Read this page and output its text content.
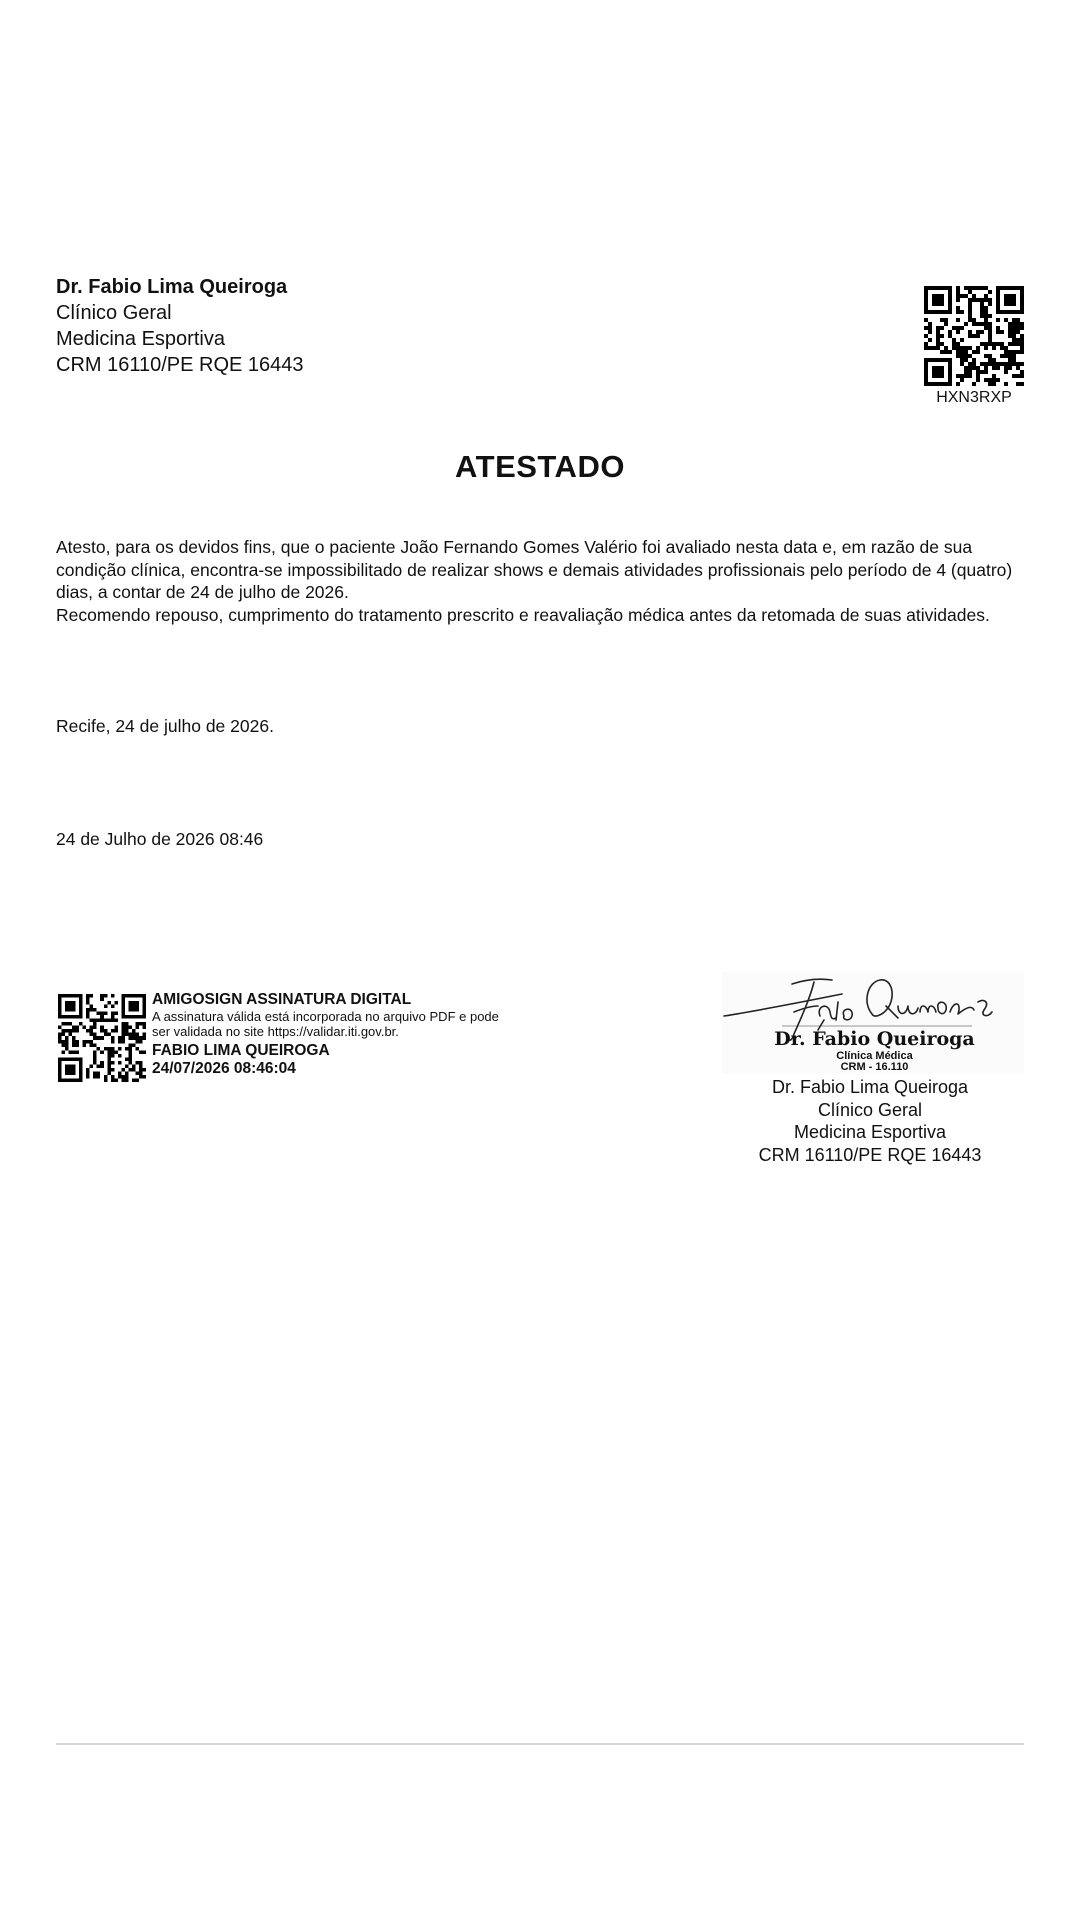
Dr. Fabio Lima Queiroga
Clínico Geral
Medicina Esportiva
CRM 16110/PE RQE 16443
HXN3RXP
ATESTADO

Atesto, para os devidos fins, que o paciente João Fernando Gomes Valério foi avaliado nesta data e, em razão de sua condição clínica, encontra-se impossibilitado de realizar shows e demais atividades profissionais pelo período de 4 (quatro) dias, a contar de 24 de julho de 2026.

Recomendo repouso, cumprimento do tratamento prescrito e reavaliação médica antes da retomada de suas atividades.

Recife, 24 de julho de 2026.
24 de Julho de 2026 08:46
AMIGOSIGN ASSINATURA DIGITAL
A assinatura válida está incorporada no arquivo PDF e pode
ser validada no site https://validar.iti.gov.br.
FABIO LIMA QUEIROGA
24/07/2026 08:46:04
Dr. Fabio Queiroga
Clínica Médica
CRM - 16.110
Dr. Fabio Lima Queiroga
Clínico Geral
Medicina Esportiva
CRM 16110/PE RQE 16443
